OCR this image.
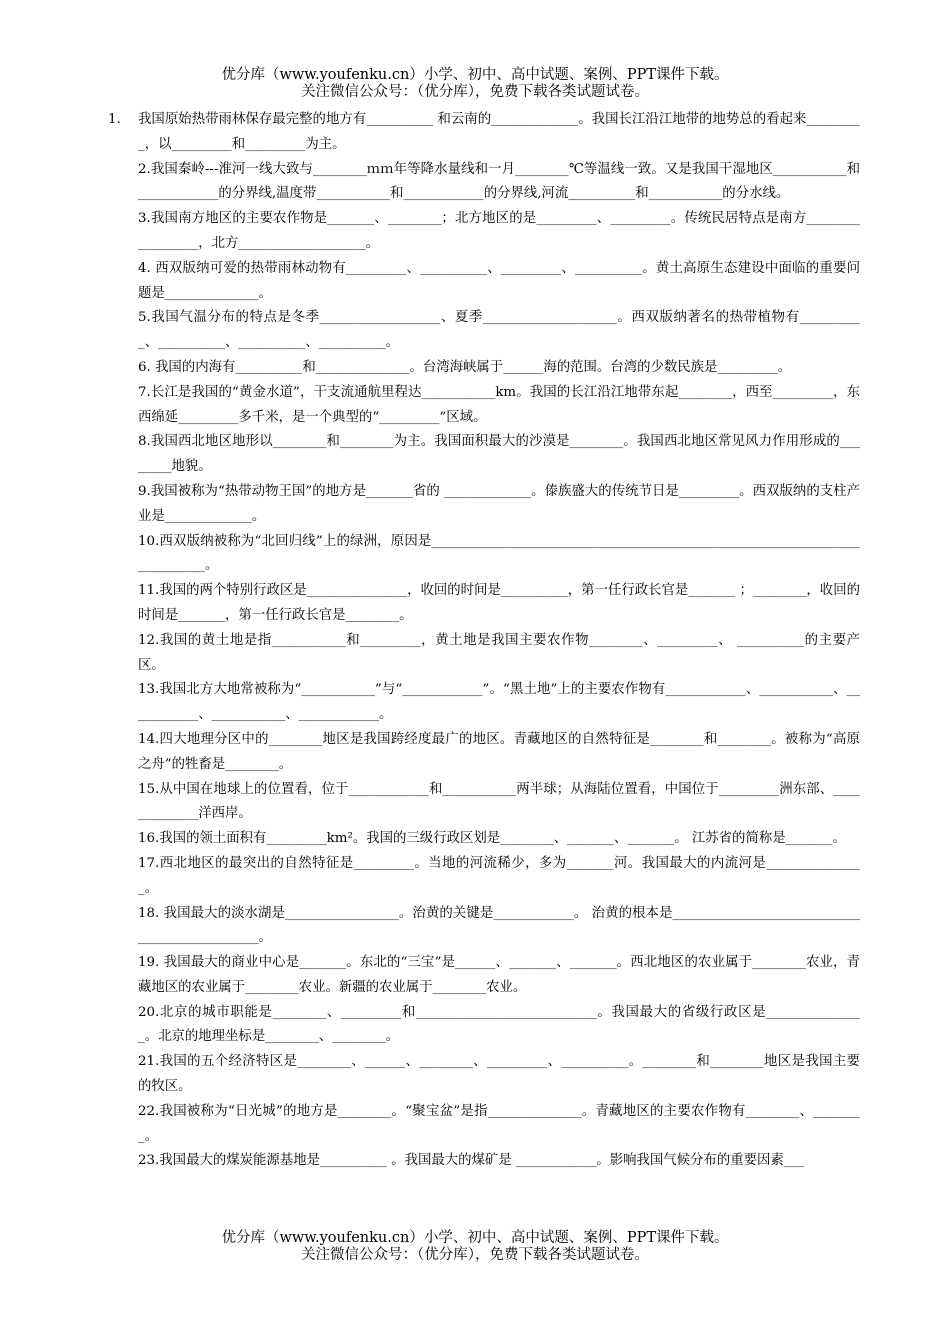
优分库（www.youfenku.cn）小学、初中、高中试题、案例、PPT课件下载。
关注微信公众号：（优分库），免费下载各类试题试卷。
1. 我国原始热带雨林保存最完整的地方有__________ 和云南的_____________。我国长江沿江地带的地势总的看起来_________，以_________和_________为主。
2.我国秦岭---淮河一线大致与________ｍｍ年等降水量线和一月________℃等温线一致。又是我国干湿地区___________和____________的分界线,温度带___________和____________的分界线,河流__________和___________的分水线。
3.我国南方地区的主要农作物是_______、________；北方地区的是_________、_________。传统民居特点是南方_________________，北方___________________。
4. 西双版纳可爱的热带雨林动物有_________、__________、_________、__________。黄土高原生态建设中面临的重要问题是______________。
5.我国气温分布的特点是冬季__________________、夏季____________________。西双版纳著名的热带植物有__________、__________、__________、__________。
6. 我国的内海有__________和______________。台湾海峡属于______海的范围。台湾的少数民族是_________。
7.长江是我国的“黄金水道”，干支流通航里程达___________km。我国的长江沿江地带东起________，西至_________，东西绵延_________多千米，是一个典型的“_________”区域。
8.我国西北地区地形以________和________为主。我国面积最大的沙漠是________。我国西北地区常见风力作用形成的________地貌。
9.我国被称为“热带动物王国”的地方是_______省的 _____________。傣族盛大的传统节日是_________。西双版纳的支柱产业是_____________。
10.西双版纳被称为“北回归线”上的绿洲，原因是__________________________________________________________________________。
11.我国的两个特别行政区是_______________，收回的时间是__________，第一任行政长官是_______ ；________，收回的时间是_______，第一任行政长官是________。
12.我国的黄土地是指___________和_________，黄土地是我国主要农作物________、_________、 __________的主要产区。
13.我国北方大地常被称为“___________”与“____________”。“黑土地”上的主要农作物有____________、___________、___________、___________、____________。
14.四大地理分区中的________地区是我国跨经度最广的地区。青藏地区的自然特征是________和________。被称为“高原之舟”的牲畜是________。
15.从中国在地球上的位置看，位于____________和___________两半球；从海陆位置看，中国位于_________洲东部、_____________洋西岸。
16.我国的领土面积有_________km²。我国的三级行政区划是________、_______、_______。 江苏省的简称是_______。
17.西北地区的最突出的自然特征是_________。当地的河流稀少，多为_______河。我国最大的内流河是_______________。
18. 我国最大的淡水湖是_________________。治黄的关键是____________。 治黄的根本是______________________________________________。
19. 我国最大的商业中心是_______。东北的“三宝”是______、_______、_______。西北地区的农业属于________农业，青藏地区的农业属于________农业。新疆的农业属于________农业。
20.北京的城市职能是________、_________和___________________________。我国最大的省级行政区是_______________。北京的地理坐标是________、________。
21.我国的五个经济特区是________、______、________、_________、__________。________和________地区是我国主要的牧区。
22.我国被称为“日光城”的地方是________。“聚宝盆”是指______________。青藏地区的主要农作物有________、________。
23.我国最大的煤炭能源基地是__________ 。我国最大的煤矿是 ____________。影响我国气候分布的重要因素___
优分库（www.youfenku.cn）小学、初中、高中试题、案例、PPT课件下载。
关注微信公众号：（优分库），免费下载各类试题试卷。
